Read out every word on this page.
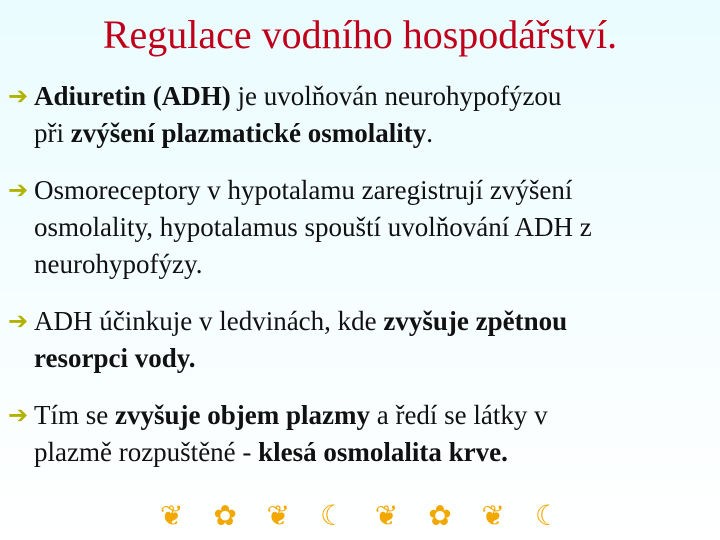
Regulace vodního hospodářství.
➔ Adiuretin (ADH) je uvolňován neurohypofýzou
při zvýšení plazmatické osmolality.
➔ Osmoreceptory v hypotalamu zaregistrují zvýšení
osmolality, hypotalamus spouští uvolňování ADH z
neurohypofýzy.
➔ ADH účinkuje v ledvinách, kde zvyšuje zpětnou
resorpci vody.
➔ Tím se zvyšuje objem plazmy a ředí se látky v
plazmě rozpuštěné - klesá osmolalita krve.
❦ ✿ ❦ ☾ ❦ ✿ ❦ ☾
